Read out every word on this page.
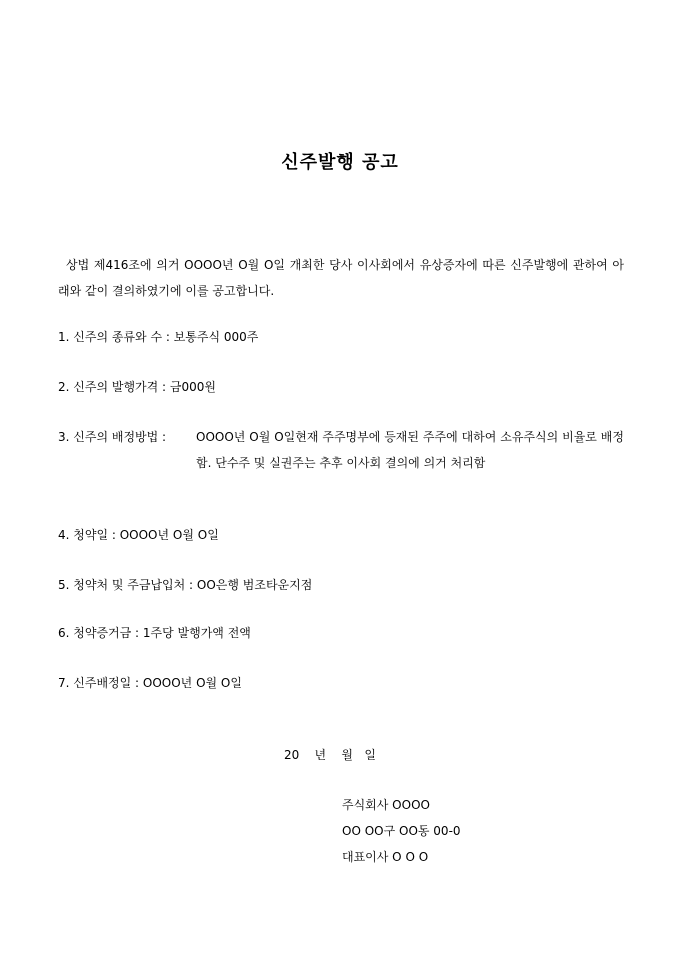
신주발행 공고
상법 제416조에 의거 OOOO년 O월 O일 개최한 당사 이사회에서 유상증자에 따른 신주발행에 관하여 아래와 같이 결의하였기에 이를 공고합니다.
1. 신주의 종류와 수 : 보통주식 000주
2. 신주의 발행가격 : 금000원
3. 신주의 배정방법 : OOOO년 O월 O일현재 주주명부에 등재된 주주에 대하여 소유주식의 비율로 배정함. 단수주 및 실권주는 추후 이사회 결의에 의거 처리함
4. 청약일 : OOOO년 O월 O일
5. 청약처 및 주금납입처 : OO은행 범조타운지점
6. 청약증거금 : 1주당 발행가액 전액
7. 신주배정일 : OOOO년 O월 O일
20    년    월   일
주식회사 OOOO
OO OO구 OO동 00-0
대표이사 O O O
